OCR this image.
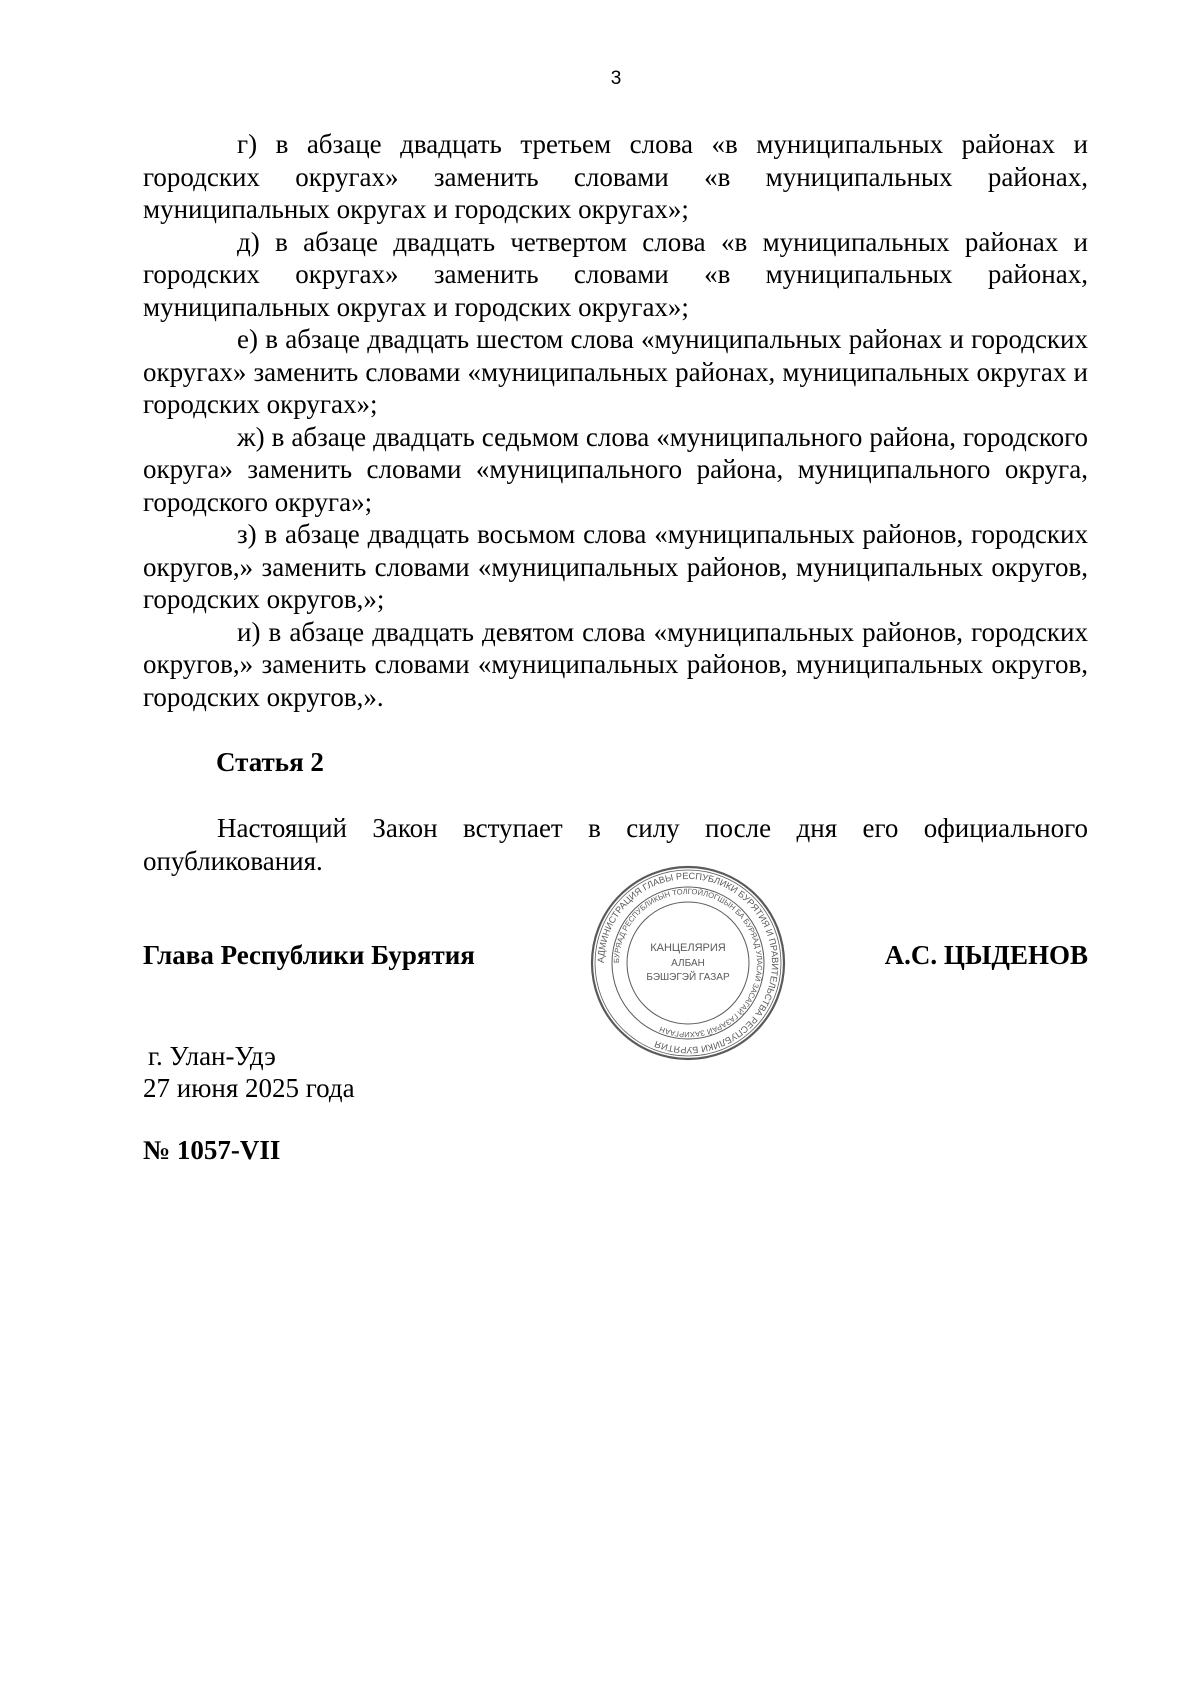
3

г) в абзаце двадцать третьем слова «в муниципальных районах и городских округах» заменить словами «в муниципальных районах, муниципальных округах и городских округах»;

д) в абзаце двадцать четвертом слова «в муниципальных районах и городских округах» заменить словами «в муниципальных районах, муниципальных округах и городских округах»;

е) в абзаце двадцать шестом слова «муниципальных районах и городских округах» заменить словами «муниципальных районах, муниципальных округах и городских округах»;

ж) в абзаце двадцать седьмом слова «муниципального района, городского округа» заменить словами «муниципального района, муниципального округа, городского округа»;

з) в абзаце двадцать восьмом слова «муниципальных районов, городских округов,» заменить словами «муниципальных районов, муниципальных округов, городских округов,»;

и) в абзаце двадцать девятом слова «муниципальных районов, городских округов,» заменить словами «муниципальных районов, муниципальных округов, городских округов,».

Статья 2

Настоящий Закон вступает в силу после дня его официального опубликования.

Глава Республики Бурятия	АДМИНИСТРАЦИЯ ГЛАВЫ РЕСПУБЛИКИ БУРЯТИЯ И ПРАВИТЕЛЬСТВА РЕСПУБЛИКИ БУРЯТИЯ
БУРЯАД РЕСПУБЛИКЫН ТОЛГОЙЛОГШЫН БА БУРЯАД УЛАСАЙ ЗАСАГАЙ ГАЗАРАЙ ЗАХИРГААН
КАНЦЕЛЯРИЯ
АЛБАН
БЭШЭГЭЙ ГАЗАР
А.С. ЦЫДЕНОВ
г. Улан-Удэ
27 июня 2025 года
№ 1057-VII
